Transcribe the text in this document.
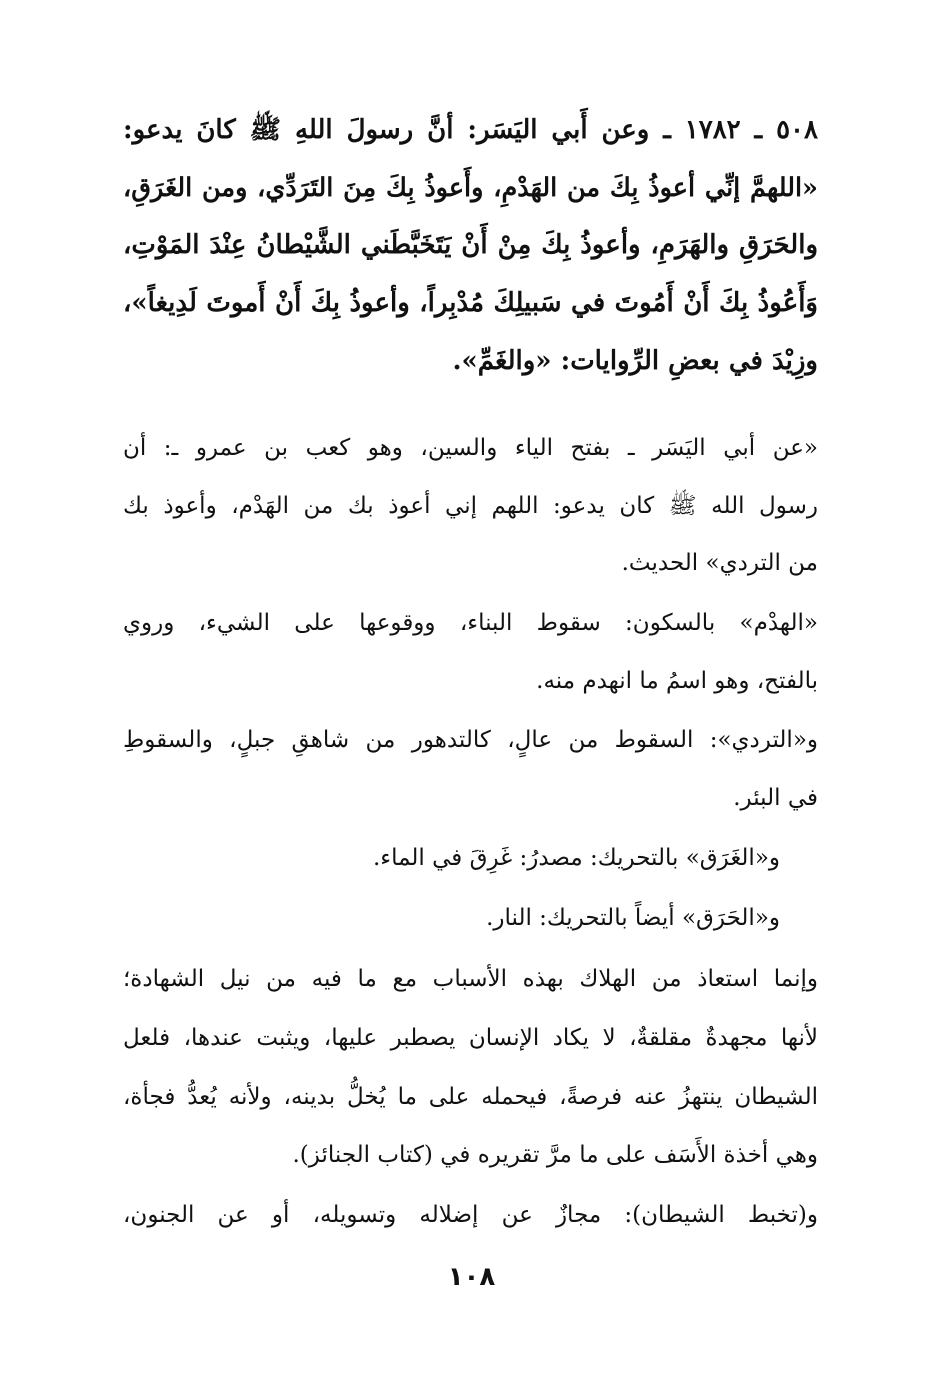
٥٠٨ ـ ١٧٨٢ ـ وعن أَبي اليَسَر: أنَّ رسولَ اللهِ ﷺ كانَ يدعو:
«اللهمَّ إنِّي أعوذُ بِكَ من الهَدْمِ، وأَعوذُ بِكَ مِنَ التَرَدِّي، ومن الغَرَقِ،
والحَرَقِ والهَرَمِ، وأعوذُ بِكَ مِنْ أَنْ يَتَخَبَّطَني الشَّيْطانُ عِنْدَ المَوْتِ،
وَأَعُوذُ بِكَ أَنْ أَمُوتَ في سَبيلِكَ مُدْبِراً، وأعوذُ بِكَ أَنْ أَموتَ لَدِيغاً»،
وزِيْدَ في بعضِ الرِّوايات: «والغَمِّ».
«عن أبي اليَسَر ـ بفتح الياء والسين، وهو كعب بن عمرو ـ: أن
رسول الله ﷺ كان يدعو: اللهم إني أعوذ بك من الهَدْم، وأعوذ بك
من التردي» الحديث.
«الهدْم» بالسكون: سقوط البناء، ووقوعها على الشيء، وروي
بالفتح، وهو اسمُ ما انهدم منه.
و«التردي»: السقوط من عالٍ، كالتدهور من شاهقِ جبلٍ، والسقوطِ
في البئر.
و«الغَرَق» بالتحريك: مصدرُ: غَرِقَ في الماء.
و«الحَرَق» أيضاً بالتحريك: النار.
وإنما استعاذ من الهلاك بهذه الأسباب مع ما فيه من نيل الشهادة؛
لأنها مجهدةٌ مقلقةٌ، لا يكاد الإنسان يصطبر عليها، ويثبت عندها، فلعل
الشيطان ينتهزُ عنه فرصةً، فيحمله على ما يُخلُّ بدينه، ولأنه يُعدُّ فجأة،
وهي أخذة الأَسَف على ما مرَّ تقريره في (كتاب الجنائز).
و(تخبط الشيطان): مجازٌ عن إضلاله وتسويله، أو عن الجنون،
١٠٨
